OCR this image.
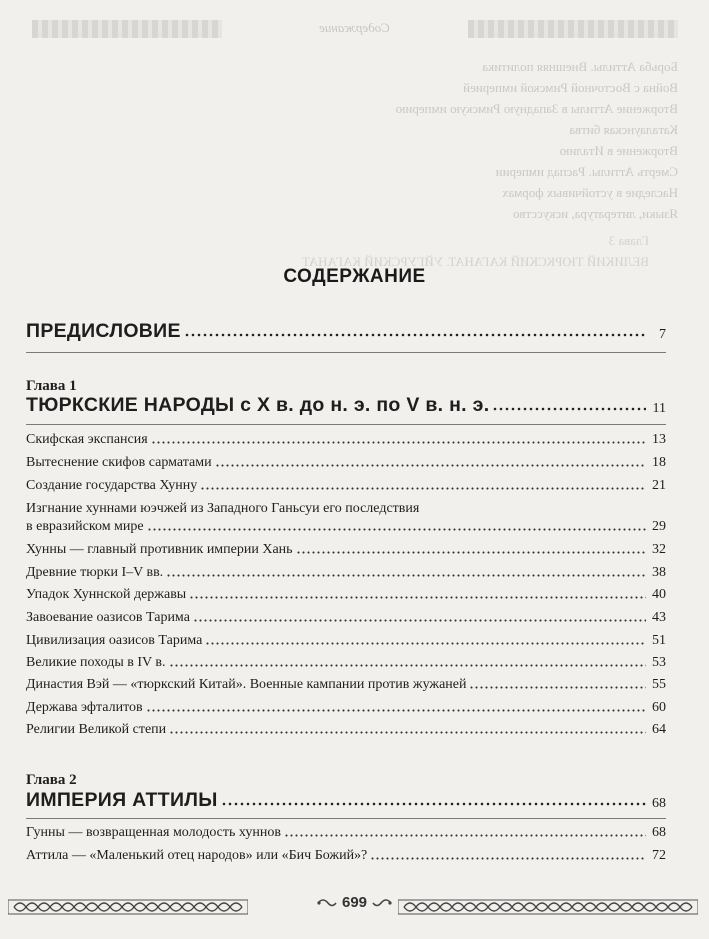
Содержание
Борьба Аттилы. Внешняя политика
Война с Восточной Римской империей
Вторжение Аттилы в Западную Римскую империю
Каталаунская битва
Вторжение в Италию
Смерть Аттилы. Распад империи
Наследие в устойчивых формах
Языки, литература, искусство
Глава 3
ВЕЛИКИЙ ТЮРКСКИЙ КАГАНАТ. УЙГУРСКИЙ КАГАНАТ
СОДЕРЖАНИЕ
ПРЕДИСЛОВИЕ	7
Глава 1
ТЮРКСКИЕ НАРОДЫ с Х в. до н. э. по V в. н. э.	11
Скифская экспансия	13
Вытеснение скифов сарматами	18
Создание государства Хунну	21
Изгнание хуннами юэчжей из Западного Ганьсуи его последствия
в евразийском мире	29
Хунны — главный противник империи Хань	32
Древние тюрки I–V вв.	38
Упадок Хуннской державы	40
Завоевание оазисов Тарима	43
Цивилизация оазисов Тарима	51
Великие походы в IV в.	53
Династия Вэй — «тюркский Китай». Военные кампании против жужаней	55
Держава эфталитов	60
Религии Великой степи	64
Глава 2
ИМПЕРИЯ АТТИЛЫ	68
Гунны — возвращенная молодость хуннов	68
Аттила — «Маленький отец народов» или «Бич Божий»?	72
699
